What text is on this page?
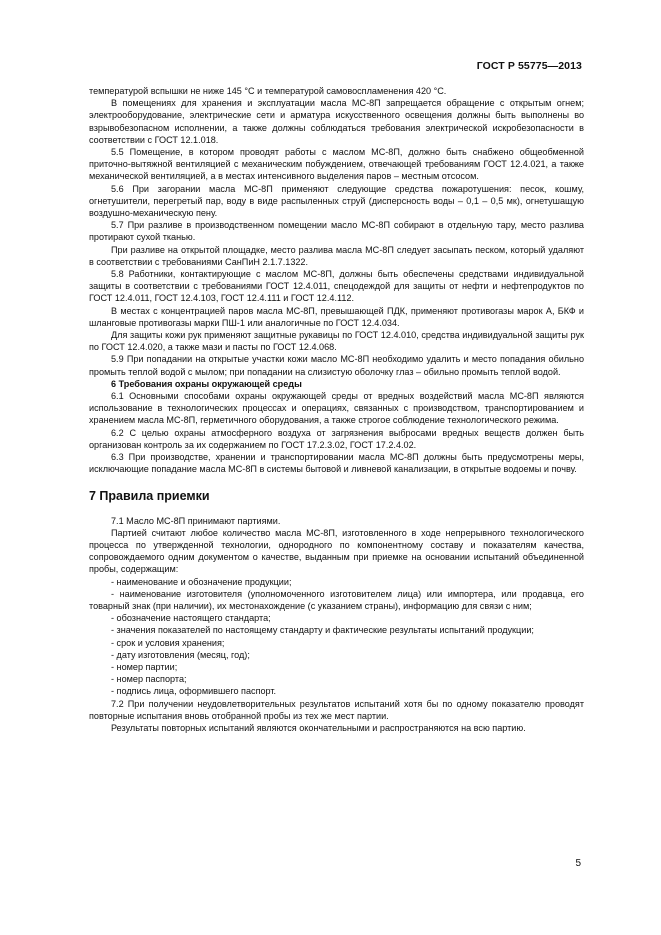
ГОСТ Р 55775—2013

температурой вспышки не ниже 145 °С и температурой самовоспламенения 420 °С.

В помещениях для хранения и эксплуатации масла МС-8П запрещается обращение с открытым огнем; электрооборудование, электрические сети и арматура искусственного освещения должны быть выполнены во взрывобезопасном исполнении, а также должны соблюдаться требования электрической искробезопасности в соответствии с ГОСТ 12.1.018.

5.5 Помещение, в котором проводят работы с маслом МС-8П, должно быть снабжено общеобменной приточно-вытяжной вентиляцией с механическим побуждением, отвечающей требованиям ГОСТ 12.4.021, а также механической вентиляцией, а в местах интенсивного выделения паров – местным отсосом.

5.6 При загорании масла МС-8П применяют следующие средства пожаротушения: песок, кошму, огнетушители, перегретый пар, воду в виде распыленных струй (дисперсность воды – 0,1 – 0,5 мк), огнетушащую воздушно-механическую пену.

5.7 При разливе в производственном помещении масло МС-8П собирают в отдельную тару, место разлива протирают сухой тканью.

При разливе на открытой площадке, место разлива масла МС-8П следует засыпать песком, который удаляют в соответствии с требованиями СанПиН 2.1.7.1322.

5.8 Работники, контактирующие с маслом МС-8П, должны быть обеспечены средствами индивидуальной защиты в соответствии с требованиями ГОСТ 12.4.011, спецодеждой для защиты от нефти и нефтепродуктов по ГОСТ 12.4.011, ГОСТ 12.4.103, ГОСТ 12.4.111 и ГОСТ 12.4.112.

В местах с концентрацией паров масла МС-8П, превышающей ПДК, применяют противогазы марок А, БКФ и шланговые противогазы марки ПШ-1 или аналогичные по ГОСТ 12.4.034.

Для защиты кожи рук применяют защитные рукавицы по ГОСТ 12.4.010, средства индивидуальной защиты рук по ГОСТ 12.4.020, а также мази и пасты по ГОСТ 12.4.068.

5.9 При попадании на открытые участки кожи масло МС-8П необходимо удалить и место попадания обильно промыть теплой водой с мылом; при попадании на слизистую оболочку глаз – обильно промыть теплой водой.

6 Требования охраны окружающей среды

6.1 Основными способами охраны окружающей среды от вредных воздействий масла МС-8П являются использование в технологических процессах и операциях, связанных с производством, транспортированием и хранением масла МС-8П, герметичного оборудования, а также строгое соблюдение технологического режима.

6.2 С целью охраны атмосферного воздуха от загрязнения выбросами вредных веществ должен быть организован контроль за их содержанием по ГОСТ 17.2.3.02, ГОСТ 17.2.4.02.

6.3 При производстве, хранении и транспортировании масла МС-8П должны быть предусмотрены меры, исключающие попадание масла МС-8П в системы бытовой и ливневой канализации, в открытые водоемы и почву.

7 Правила приемки

7.1 Масло МС-8П принимают партиями.

Партией считают любое количество масла МС-8П, изготовленного в ходе непрерывного технологического процесса по утвержденной технологии, однородного по компонентному составу и показателям качества, сопровождаемого одним документом о качестве, выданным при приемке на основании испытаний объединенной пробы, содержащим:

- наименование и обозначение продукции;

- наименование изготовителя (уполномоченного изготовителем лица) или импортера, или продавца, его товарный знак (при наличии), их местонахождение (с указанием страны), информацию для связи с ним;

- обозначение настоящего стандарта;

- значения показателей по настоящему стандарту и фактические результаты испытаний продукции;

- срок и условия хранения;

- дату изготовления (месяц, год);

- номер партии;

- номер паспорта;

- подпись лица, оформившего паспорт.

7.2 При получении неудовлетворительных результатов испытаний хотя бы по одному показателю проводят повторные испытания вновь отобранной пробы из тех же мест партии.

Результаты повторных испытаний являются окончательными и распространяются на всю партию.

5
